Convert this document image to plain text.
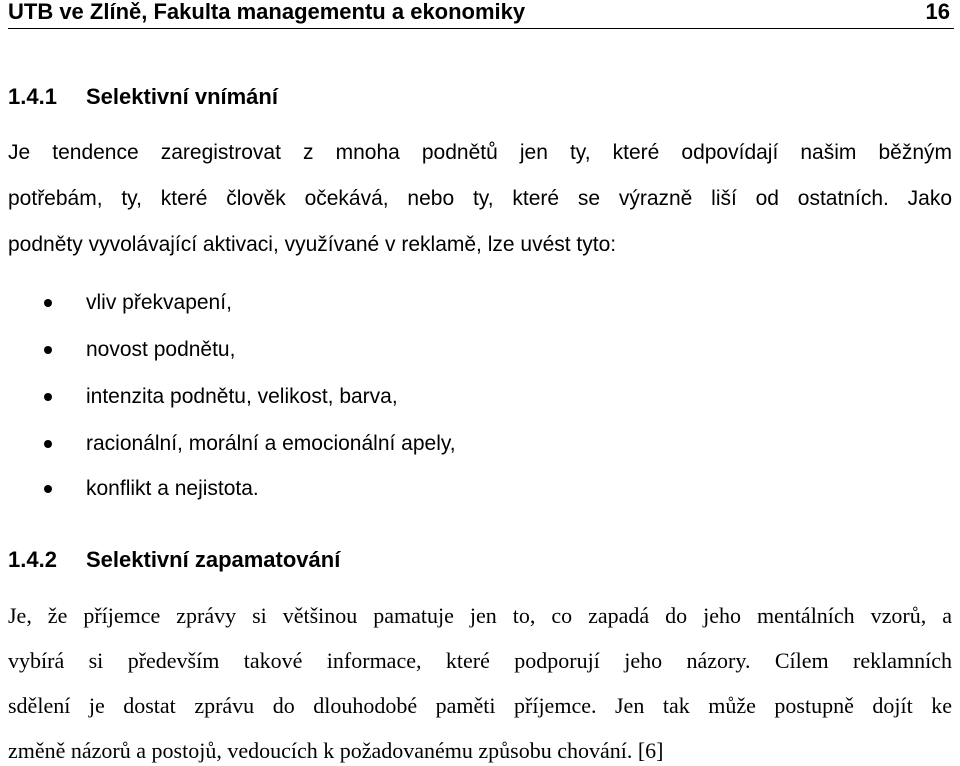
UTB ve Zlíně, Fakulta managementu a ekonomiky	16
1.4.1 Selektivní vnímání
Je tendence zaregistrovat z mnoha podnětů jen ty, které odpovídají našim běžným
potřebám, ty, které člověk očekává, nebo ty, které se výrazně liší od ostatních. Jako
podněty vyvolávající aktivaci, využívané v reklamě, lze uvést tyto:
vliv překvapení,
novost podnětu,
intenzita podnětu, velikost, barva,
racionální, morální a emocionální apely,
konflikt a nejistota.
1.4.2 Selektivní zapamatování
Je, že příjemce zprávy si většinou pamatuje jen to, co zapadá do jeho mentálních vzorů, a
vybírá si především takové informace, které podporují jeho názory. Cílem reklamních
sdělení je dostat zprávu do dlouhodobé paměti příjemce. Jen tak může postupně dojít ke
změně názorů a postojů, vedoucích k požadovanému způsobu chování. [6]
